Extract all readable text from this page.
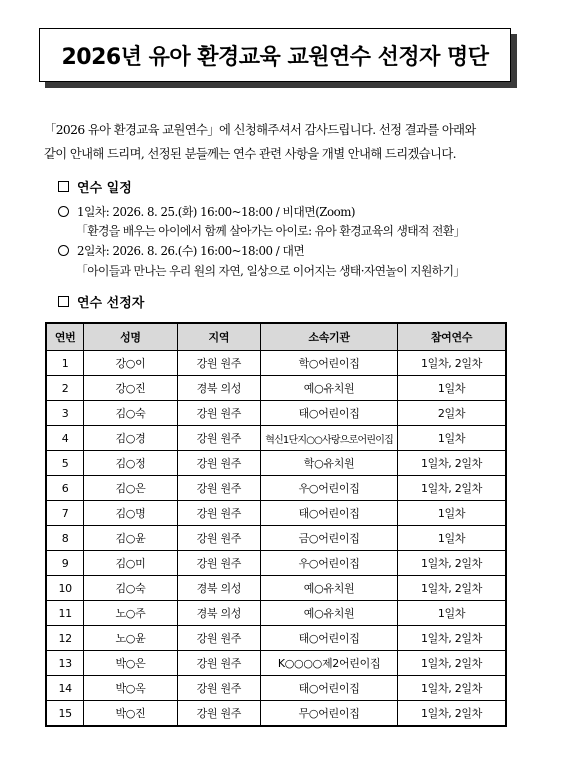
2026년 유아 환경교육 교원연수 선정자 명단
「2026 유아 환경교육 교원연수」에 신청해주셔서 감사드립니다. 선정 결과를 아래와
같이 안내해 드리며, 선정된 분들께는 연수 관련 사항을 개별 안내해 드리겠습니다.
연수 일정
1일차: 2026. 8. 25.(화) 16:00~18:00 / 비대면(Zoom)
「환경을 배우는 아이에서 함께 살아가는 아이로: 유아 환경교육의 생태적 전환」
2일차: 2026. 8. 26.(수) 16:00~18:00 / 대면
「아이들과 만나는 우리 원의 자연, 일상으로 이어지는 생태·자연놀이 지원하기」
연수 선정자
연번	성명	지역	소속기관	참여연수
1	강○이	강원 원주	학○어린이집	1일차, 2일차
2	강○진	경북 의성	예○유치원	1일차
3	김○숙	강원 원주	태○어린이집	2일차
4	김○경	강원 원주	혁신1단지○○사랑으로어린이집	1일차
5	김○정	강원 원주	학○유치원	1일차, 2일차
6	김○은	강원 원주	우○어린이집	1일차, 2일차
7	김○명	강원 원주	태○어린이집	1일차
8	김○윤	강원 원주	금○어린이집	1일차
9	김○미	강원 원주	우○어린이집	1일차, 2일차
10	김○숙	경북 의성	예○유치원	1일차, 2일차
11	노○주	경북 의성	예○유치원	1일차
12	노○윤	강원 원주	태○어린이집	1일차, 2일차
13	박○은	강원 원주	K○○○○제2어린이집	1일차, 2일차
14	박○옥	강원 원주	태○어린이집	1일차, 2일차
15	박○진	강원 원주	무○어린이집	1일차, 2일차
